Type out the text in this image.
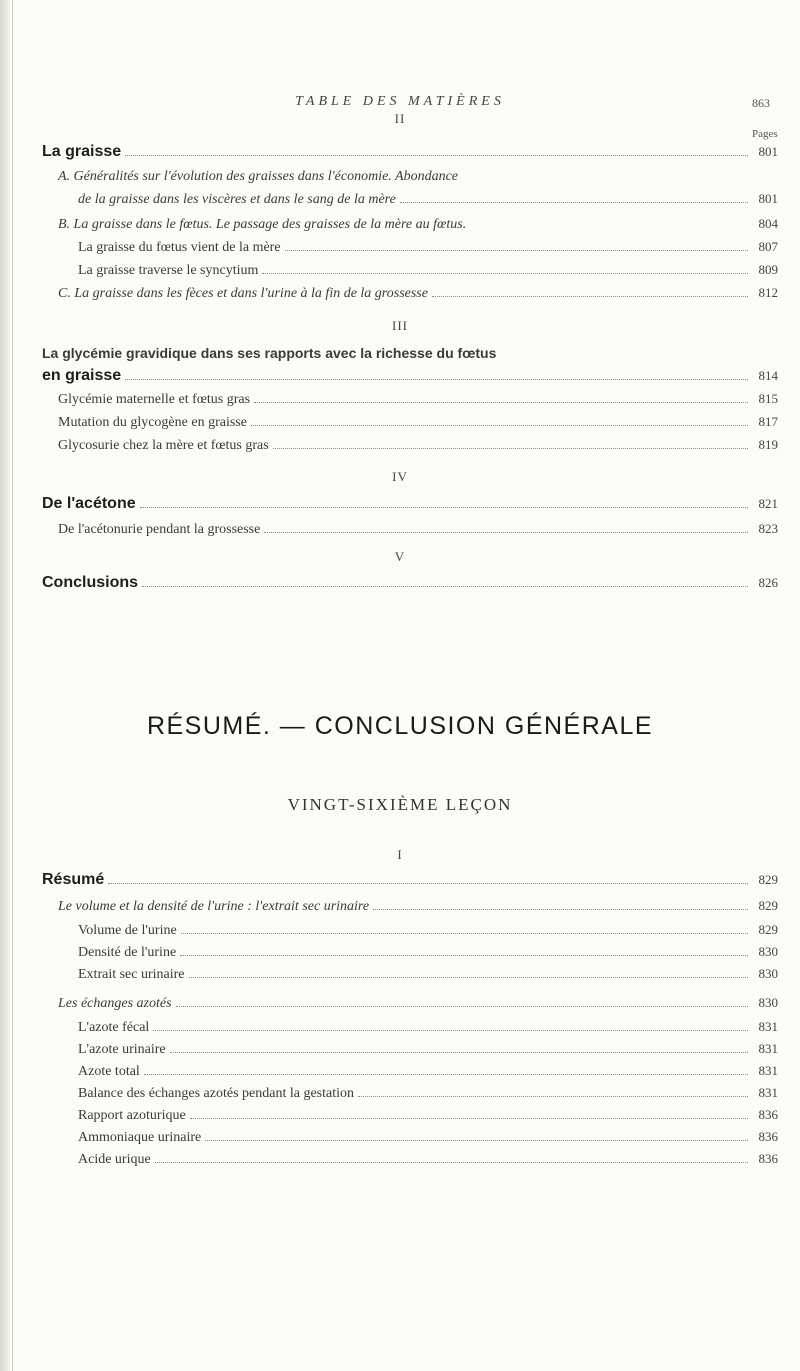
TABLE DES MATIÈRES	863
II
Pages
La graisse	801
A. Généralités sur l'évolution des graisses dans l'économie. Abondance
de la graisse dans les viscères et dans le sang de la mère	801
B. La graisse dans le fœtus. Le passage des graisses de la mère au fœtus.	804
La graisse du fœtus vient de la mère	807
La graisse traverse le syncytium	809
C. La graisse dans les fèces et dans l'urine à la fin de la grossesse	812
III
La glycémie gravidique dans ses rapports avec la richesse du fœtus
en graisse	814
Glycémie maternelle et fœtus gras	815
Mutation du glycogène en graisse	817
Glycosurie chez la mère et fœtus gras	819
IV
De l'acétone	821
De l'acétonurie pendant la grossesse	823
V
Conclusions	826
RÉSUMÉ. — CONCLUSION GÉNÉRALE
VINGT-SIXIÈME LEÇON
I
Résumé	829
Le volume et la densité de l'urine : l'extrait sec urinaire	829
Volume de l'urine	829
Densité de l'urine	830
Extrait sec urinaire	830
Les échanges azotés	830
L'azote fécal	831
L'azote urinaire	831
Azote total	831
Balance des échanges azotés pendant la gestation	831
Rapport azoturique	836
Ammoniaque urinaire	836
Acide urique	836
